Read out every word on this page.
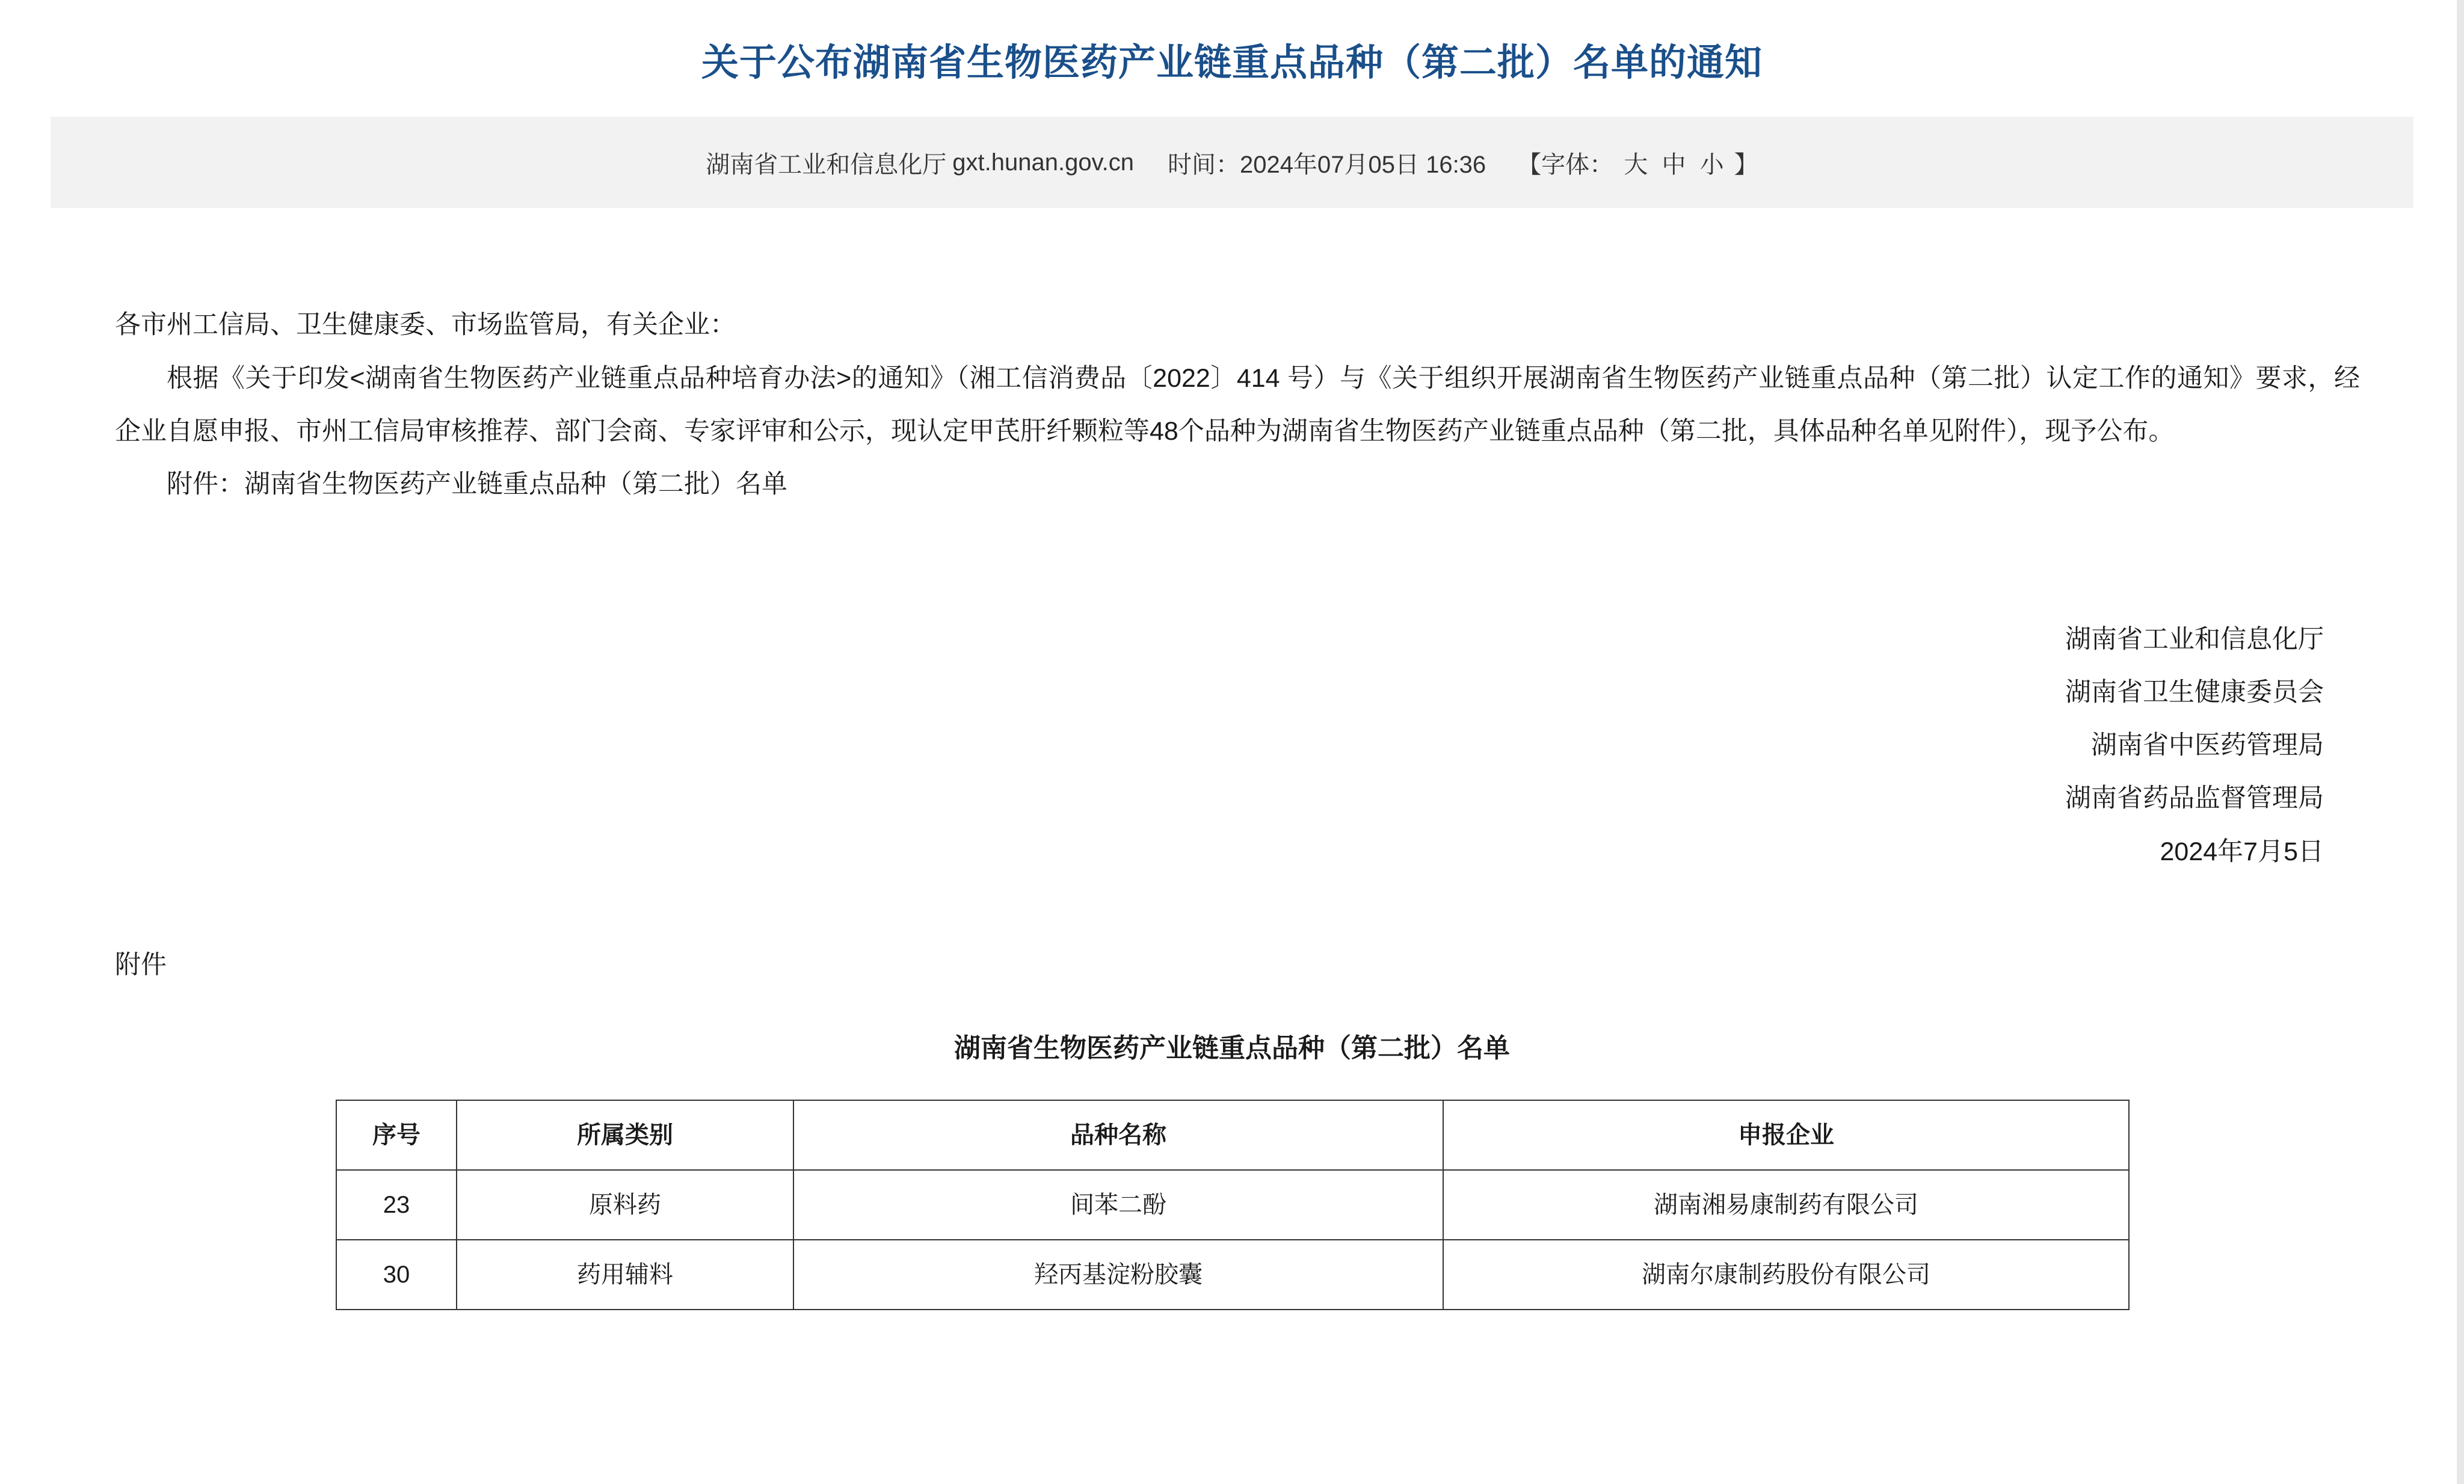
关于公布湖南省生物医药产业链重点品种（第二批）名单的通知
湖南省工业和信息化厅 gxt.hunan.gov.cn 时间： 2024年07月05日 16:36 【字体： 大 中 小 】

各市州工信局、卫生健康委、市场监管局，有关企业：

根据《关于印发<湖南省生物医药产业链重点品种培育办法>的通知》（湘工信消费品〔2022〕414 号）与《关于组织开展湖南省生物医药产业链重点品种（第二批）认定工作的通知》要求，经企业自愿申报、市州工信局审核推荐、部门会商、专家评审和公示，现认定甲芪肝纤颗粒等48个品种为湖南省生物医药产业链重点品种（第二批，具体品种名单见附件），现予公布。

附件：湖南省生物医药产业链重点品种（第二批）名单

湖南省工业和信息化厅
湖南省卫生健康委员会
湖南省中医药管理局
湖南省药品监督管理局
2024年7月5日
附件
湖南省生物医药产业链重点品种（第二批）名单
序号	所属类别	品种名称	申报企业
23	原料药	间苯二酚	湖南湘易康制药有限公司
30	药用辅料	羟丙基淀粉胶囊	湖南尔康制药股份有限公司
